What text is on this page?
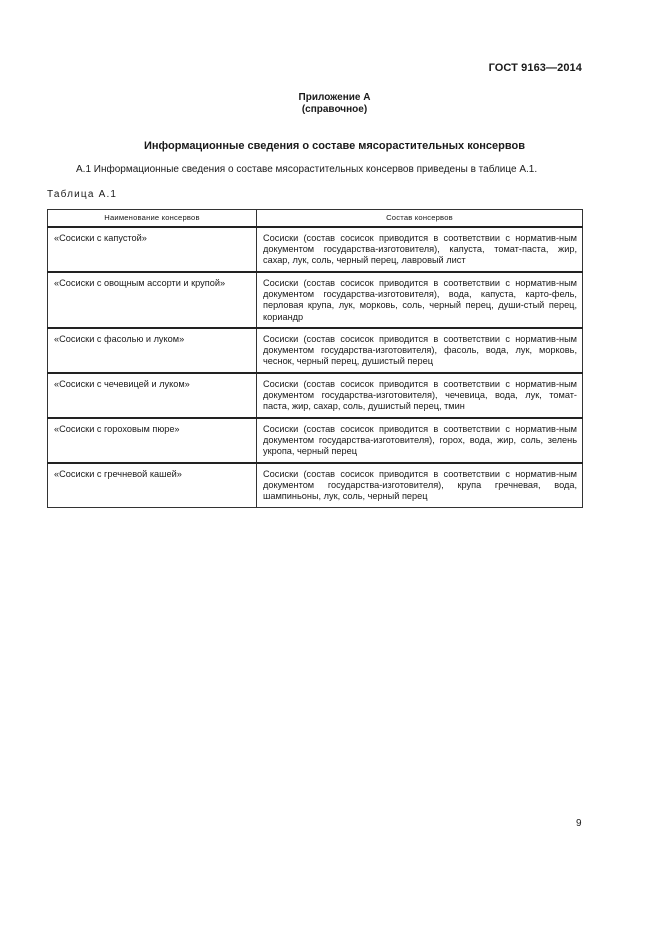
ГОСТ 9163—2014
Приложение А
(справочное)
Информационные сведения о составе мясорастительных консервов
А.1 Информационные сведения о составе мясорастительных консервов приведены в таблице А.1.
Таблица А.1
Наименование консервов	Состав консервов
«Сосиски с капустой»	Сосиски (состав сосисок приводится в соответствии с норматив-ным документом государства-изготовителя), капуста, томат-паста, жир, сахар, лук, соль, черный перец, лавровый лист
«Сосиски с овощным ассорти и крупой»	Сосиски (состав сосисок приводится в соответствии с норматив-ным документом государства-изготовителя), вода, капуста, карто-фель, перловая крупа, лук, морковь, соль, черный перец, души-стый перец, кориандр
«Сосиски с фасолью и луком»	Сосиски (состав сосисок приводится в соответствии с норматив-ным документом государства-изготовителя), фасоль, вода, лук, морковь, чеснок, черный перец, душистый перец
«Сосиски с чечевицей и луком»	Сосиски (состав сосисок приводится в соответствии с норматив-ным документом государства-изготовителя), чечевица, вода, лук, томат-паста, жир, сахар, соль, душистый перец, тмин
«Сосиски с гороховым пюре»	Сосиски (состав сосисок приводится в соответствии с норматив-ным документом государства-изготовителя), горох, вода, жир, соль, зелень укропа, черный перец
«Сосиски с гречневой кашей»	Сосиски (состав сосисок приводится в соответствии с норматив-ным документом государства-изготовителя), крупа гречневая, вода, шампиньоны, лук, соль, черный перец
9
